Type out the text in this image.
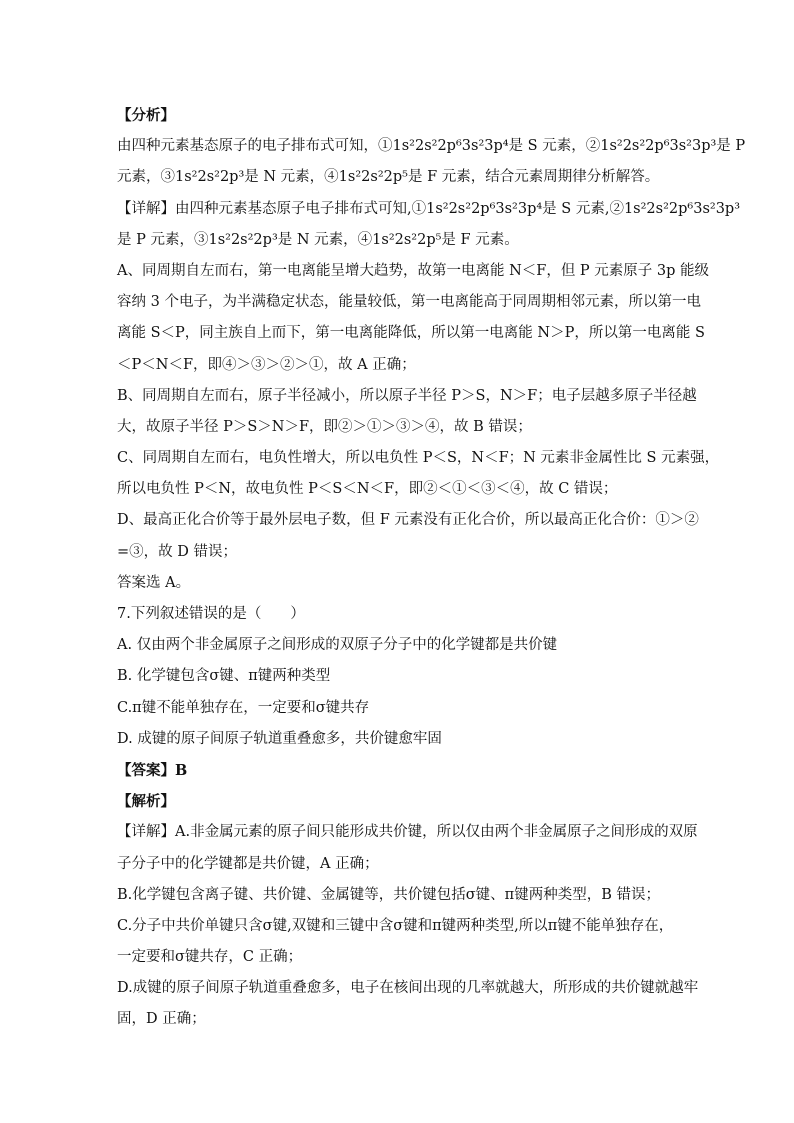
【分析】
由四种元素基态原子的电子排布式可知，①1s²2s²2p⁶3s²3p⁴是 S 元素，②1s²2s²2p⁶3s²3p³是 P
元素，③1s²2s²2p³是 N 元素，④1s²2s²2p⁵是 F 元素，结合元素周期律分析解答。
【详解】由四种元素基态原子电子排布式可知,①1s²2s²2p⁶3s²3p⁴是 S 元素,②1s²2s²2p⁶3s²3p³
是 P 元素，③1s²2s²2p³是 N 元素，④1s²2s²2p⁵是 F 元素。
A、同周期自左而右，第一电离能呈增大趋势，故第一电离能 N＜F，但 P 元素原子 3p 能级
容纳 3 个电子，为半满稳定状态，能量较低，第一电离能高于同周期相邻元素，所以第一电
离能 S＜P，同主族自上而下，第一电离能降低，所以第一电离能 N＞P，所以第一电离能 S
＜P＜N＜F，即④＞③＞②＞①，故 A 正确；
B、同周期自左而右，原子半径减小，所以原子半径 P＞S，N＞F；电子层越多原子半径越
大，故原子半径 P＞S＞N＞F，即②＞①＞③＞④，故 B 错误；
C、同周期自左而右，电负性增大，所以电负性 P＜S，N＜F；N 元素非金属性比 S 元素强，
所以电负性 P＜N，故电负性 P＜S＜N＜F，即②＜①＜③＜④，故 C 错误；
D、最高正化合价等于最外层电子数，但 F 元素没有正化合价，所以最高正化合价：①＞②
=③，故 D 错误；
答案选 A。
7.下列叙述错误的是（　　）
A. 仅由两个非金属原子之间形成的双原子分子中的化学键都是共价键
B. 化学键包含σ键、π键两种类型
C.π键不能单独存在，一定要和σ键共存
D. 成键的原子间原子轨道重叠愈多，共价键愈牢固
【答案】B
【解析】
【详解】A.非金属元素的原子间只能形成共价键，所以仅由两个非金属原子之间形成的双原
子分子中的化学键都是共价键，A 正确；
B.化学键包含离子键、共价键、金属键等，共价键包括σ键、π键两种类型，B 错误；
C.分子中共价单键只含σ键,双键和三键中含σ键和π键两种类型,所以π键不能单独存在，
一定要和σ键共存，C 正确；
D.成键的原子间原子轨道重叠愈多，电子在核间出现的几率就越大，所形成的共价键就越牢
固，D 正确；
